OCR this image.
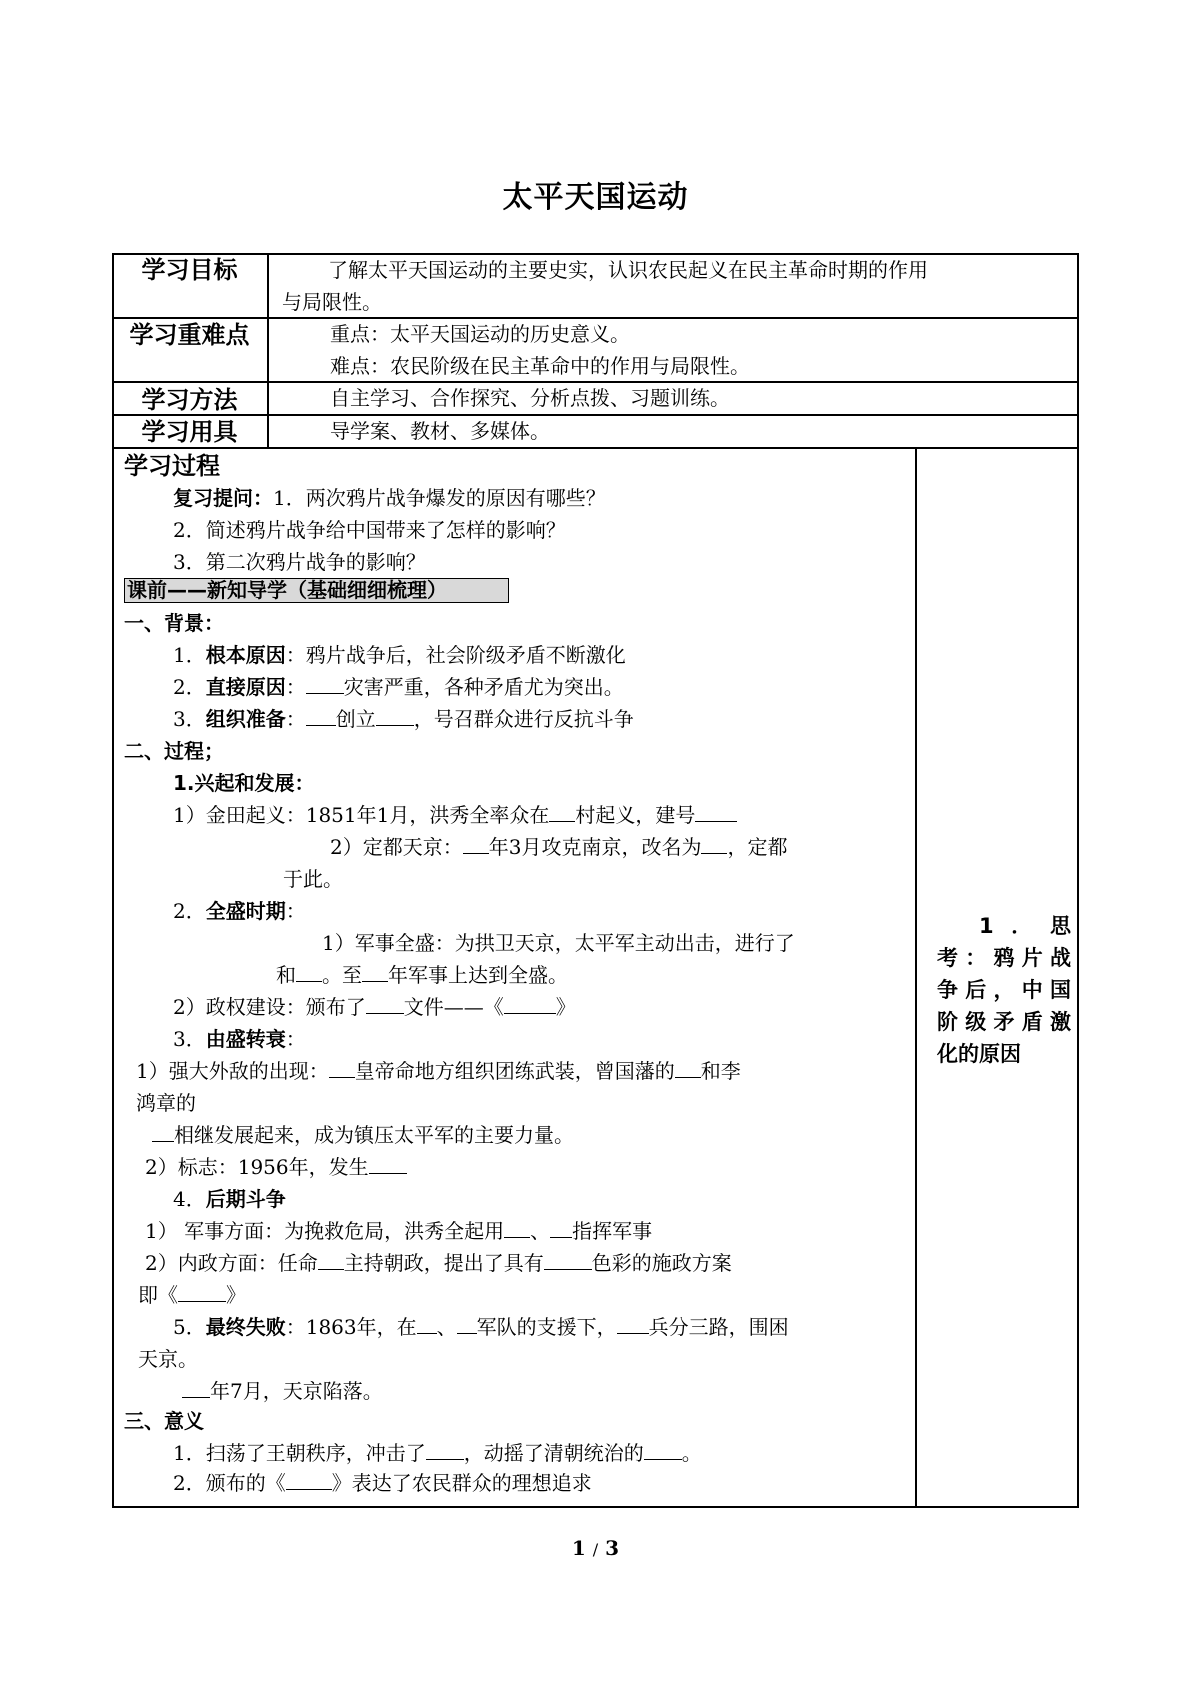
太平天国运动
学习目标	了解太平天国运动的主要史实，认识农民起义在民主革命时期的作用
与局限性。
学习重难点	重点：太平天国运动的历史意义。
难点：农民阶级在民主革命中的作用与局限性。
学习方法	自主学习、合作探究、分析点拨、习题训练。
学习用具	导学案、教材、多媒体。
学习过程
复习提问：1．两次鸦片战争爆发的原因有哪些？
2．简述鸦片战争给中国带来了怎样的影响？
3．第二次鸦片战争的影响？
课前——新知导学（基础细细梳理）
一、背景：
1．根本原因：鸦片战争后，社会阶级矛盾不断激化
2．直接原因： 灾害严重，各种矛盾尤为突出。
3．组织准备： 创立 ，号召群众进行反抗斗争
二、过程；
1.兴起和发展：
1）金田起义：1851年1月，洪秀全率众在 村起义，建号
2）定都天京： 年3月攻克南京，改名为 ，定都
于此。
2．全盛时期：
1）军事全盛：为拱卫天京，太平军主动出击，进行了
和 。至 年军事上达到全盛。
2）政权建设：颁布了 文件——《	》
3．由盛转衰：
1）强大外敌的出现： 皇帝命地方组织团练武装，曾国藩的 和李
鸿章的
相继发展起来，成为镇压太平军的主要力量。
2）标志：1956年，发生
4．后期斗争
1） 军事方面：为挽救危局，洪秀全起用 、 指挥军事
2）内政方面：任命 主持朝政，提出了具有 色彩的施政方案
即《 》
5．最终失败：1863年，在 、 军队的支援下， 兵分三路，围困
天京。
年7月，天京陷落。
三、意义
1．扫荡了王朝秩序，冲击了 ，动摇了清朝统治的 。
2．颁布的《 》表达了农民群众的理想追求
1．思
考：鸦片战
争后，中国
阶级矛盾激
化的原因
1 / 3
